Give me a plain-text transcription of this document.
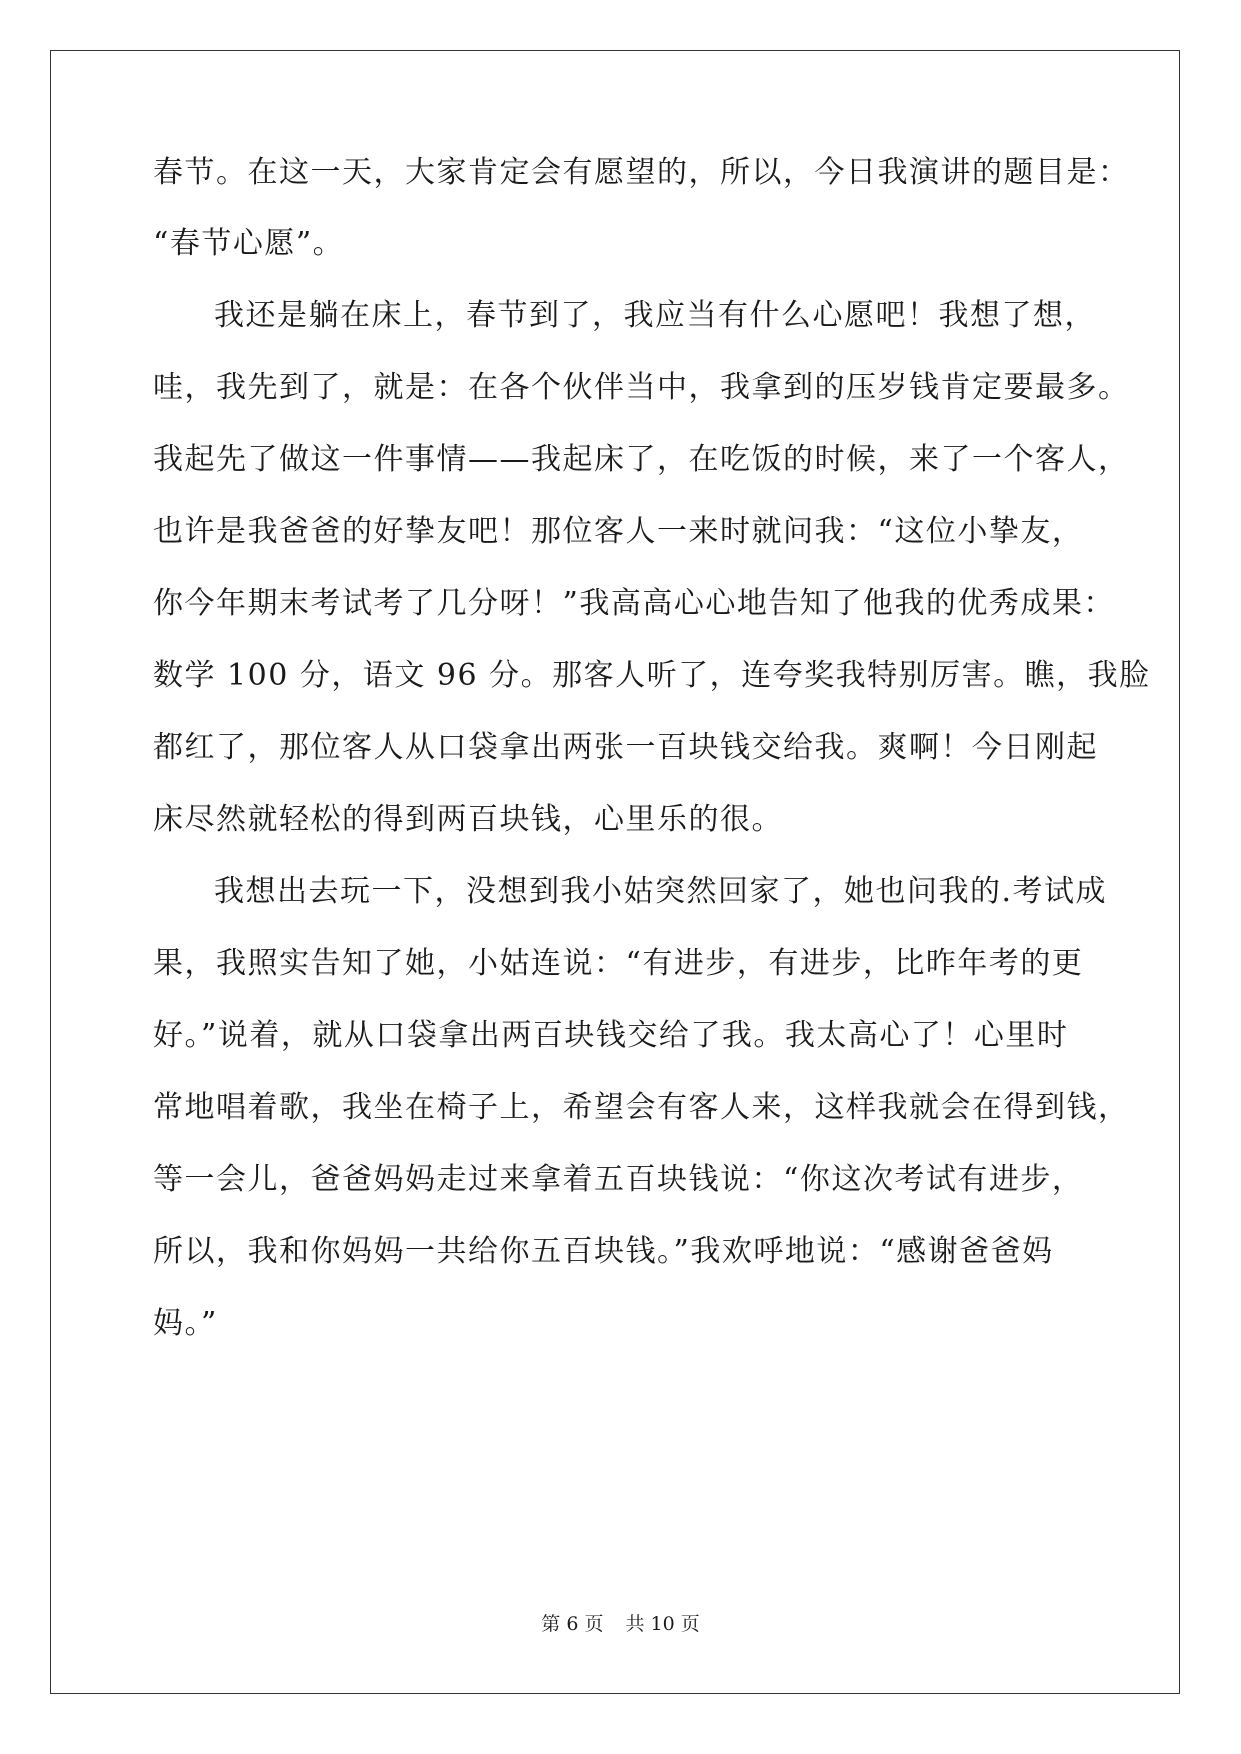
春节。在这一天，大家肯定会有愿望的，所以，今日我演讲的题目是：
“春节心愿”。
我还是躺在床上，春节到了，我应当有什么心愿吧！我想了想，
哇，我先到了，就是：在各个伙伴当中，我拿到的压岁钱肯定要最多。
我起先了做这一件事情——我起床了，在吃饭的时候，来了一个客人，
也许是我爸爸的好挚友吧！那位客人一来时就问我：“这位小挚友，
你今年期末考试考了几分呀！”我高高心心地告知了他我的优秀成果：
数学 100 分，语文 96 分。那客人听了，连夸奖我特别厉害。瞧，我脸
都红了，那位客人从口袋拿出两张一百块钱交给我。爽啊！今日刚起
床尽然就轻松的得到两百块钱，心里乐的很。
我想出去玩一下，没想到我小姑突然回家了，她也问我的.考试成
果，我照实告知了她，小姑连说：“有进步，有进步，比昨年考的更
好。”说着，就从口袋拿出两百块钱交给了我。我太高心了！心里时
常地唱着歌，我坐在椅子上，希望会有客人来，这样我就会在得到钱，
等一会儿，爸爸妈妈走过来拿着五百块钱说：“你这次考试有进步，
所以，我和你妈妈一共给你五百块钱。”我欢呼地说：“感谢爸爸妈
妈。”
第 6 页 共 10 页
